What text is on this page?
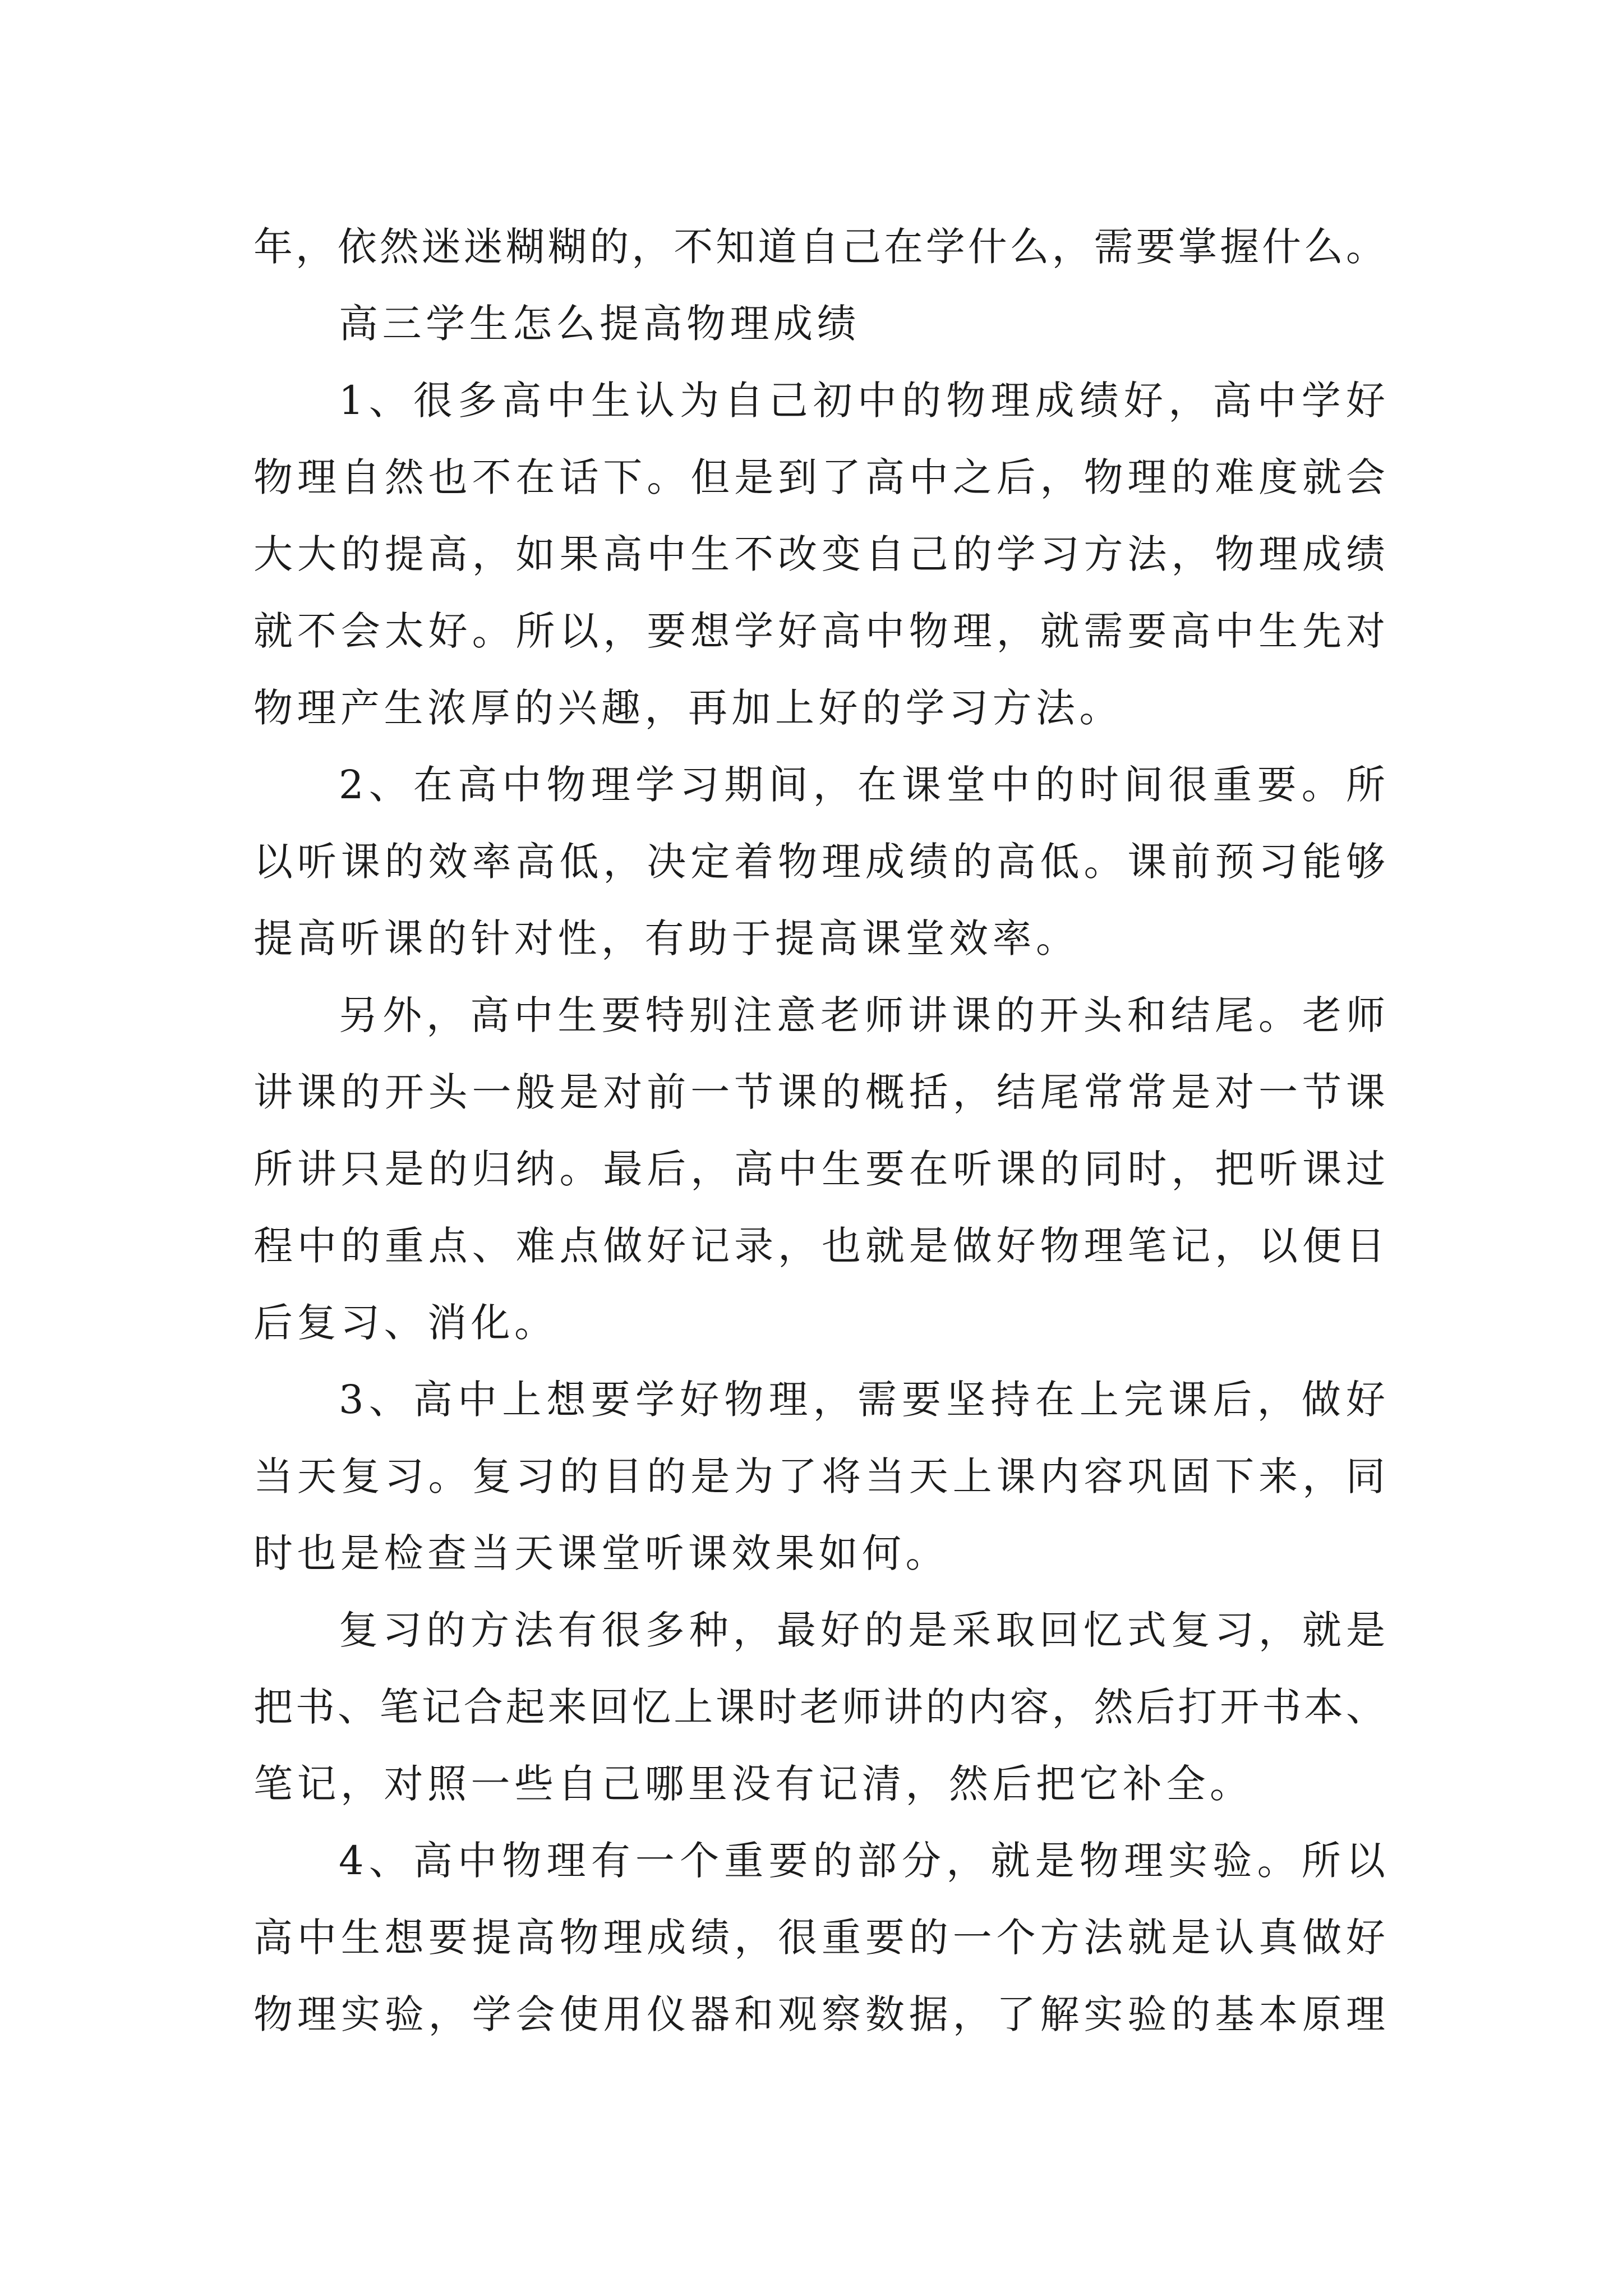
年，依然迷迷糊糊的，不知道自己在学什么，需要掌握什么。
高三学生怎么提高物理成绩
1、很多高中生认为自己初中的物理成绩好，高中学好
物理自然也不在话下。但是到了高中之后，物理的难度就会
大大的提高，如果高中生不改变自己的学习方法，物理成绩
就不会太好。所以，要想学好高中物理，就需要高中生先对
物理产生浓厚的兴趣，再加上好的学习方法。
2、在高中物理学习期间，在课堂中的时间很重要。所
以听课的效率高低，决定着物理成绩的高低。课前预习能够
提高听课的针对性，有助于提高课堂效率。
另外，高中生要特别注意老师讲课的开头和结尾。老师
讲课的开头一般是对前一节课的概括，结尾常常是对一节课
所讲只是的归纳。最后，高中生要在听课的同时，把听课过
程中的重点、难点做好记录，也就是做好物理笔记，以便日
后复习、消化。
3、高中上想要学好物理，需要坚持在上完课后，做好
当天复习。复习的目的是为了将当天上课内容巩固下来，同
时也是检查当天课堂听课效果如何。
复习的方法有很多种，最好的是采取回忆式复习，就是
把书、笔记合起来回忆上课时老师讲的内容，然后打开书本、
笔记，对照一些自己哪里没有记清，然后把它补全。
4、高中物理有一个重要的部分，就是物理实验。所以
高中生想要提高物理成绩，很重要的一个方法就是认真做好
物理实验，学会使用仪器和观察数据，了解实验的基本原理
